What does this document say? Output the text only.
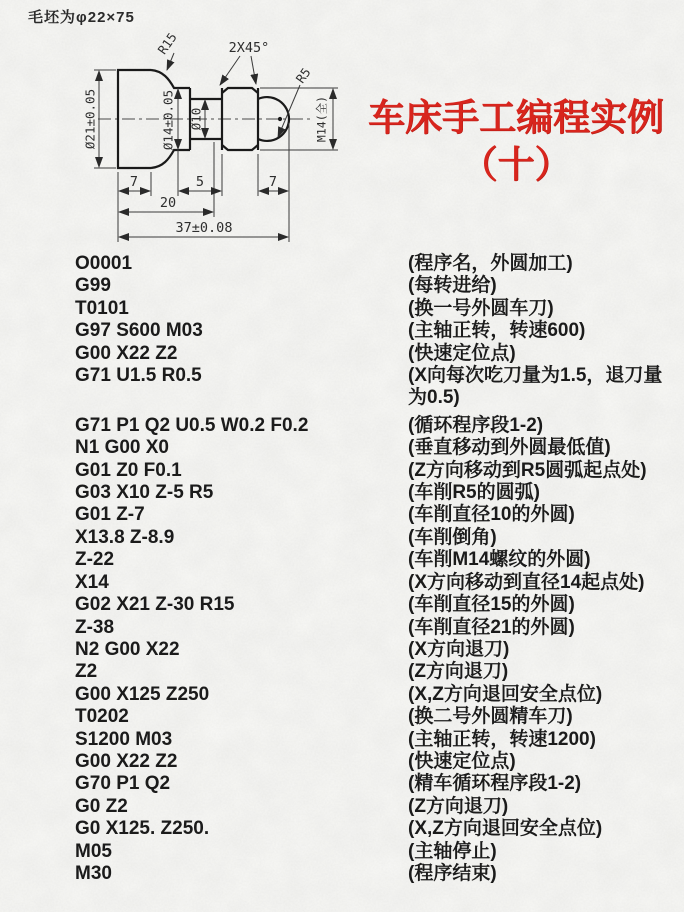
毛坯为φ22×75
Ø21±0.05	Ø14±0.05 Ø10	M14(全)
R15	2X45°
R5
7	5	7
20
37±0.08
车床手工编程实例
（十）
O0001	(程序名，外圆加工)
G99	(每转进给)
T0101	(换一号外圆车刀)
G97 S600 M03	(主轴正转，转速600)
G00 X22 Z2	(快速定位点)
G71 U1.5 R0.5	(X向每次吃刀量为1.5，退刀量为0.5)
G71 P1 Q2 U0.5 W0.2 F0.2	(循环程序段1-2)
N1 G00 X0	(垂直移动到外圆最低值)
G01 Z0 F0.1	(Z方向移动到R5圆弧起点处)
G03 X10 Z-5 R5	(车削R5的圆弧)
G01 Z-7	(车削直径10的外圆)
X13.8 Z-8.9	(车削倒角)
Z-22	(车削M14螺纹的外圆)
X14	(X方向移动到直径14起点处)
G02 X21 Z-30 R15	(车削直径15的外圆)
Z-38	(车削直径21的外圆)
N2 G00 X22	(X方向退刀)
Z2	(Z方向退刀)
G00 X125 Z250	(X,Z方向退回安全点位)
T0202	(换二号外圆精车刀)
S1200 M03	(主轴正转，转速1200)
G00 X22 Z2	(快速定位点)
G70 P1 Q2	(精车循环程序段1-2)
G0 Z2	(Z方向退刀)
G0 X125. Z250.	(X,Z方向退回安全点位)
M05	(主轴停止)
M30	(程序结束)
